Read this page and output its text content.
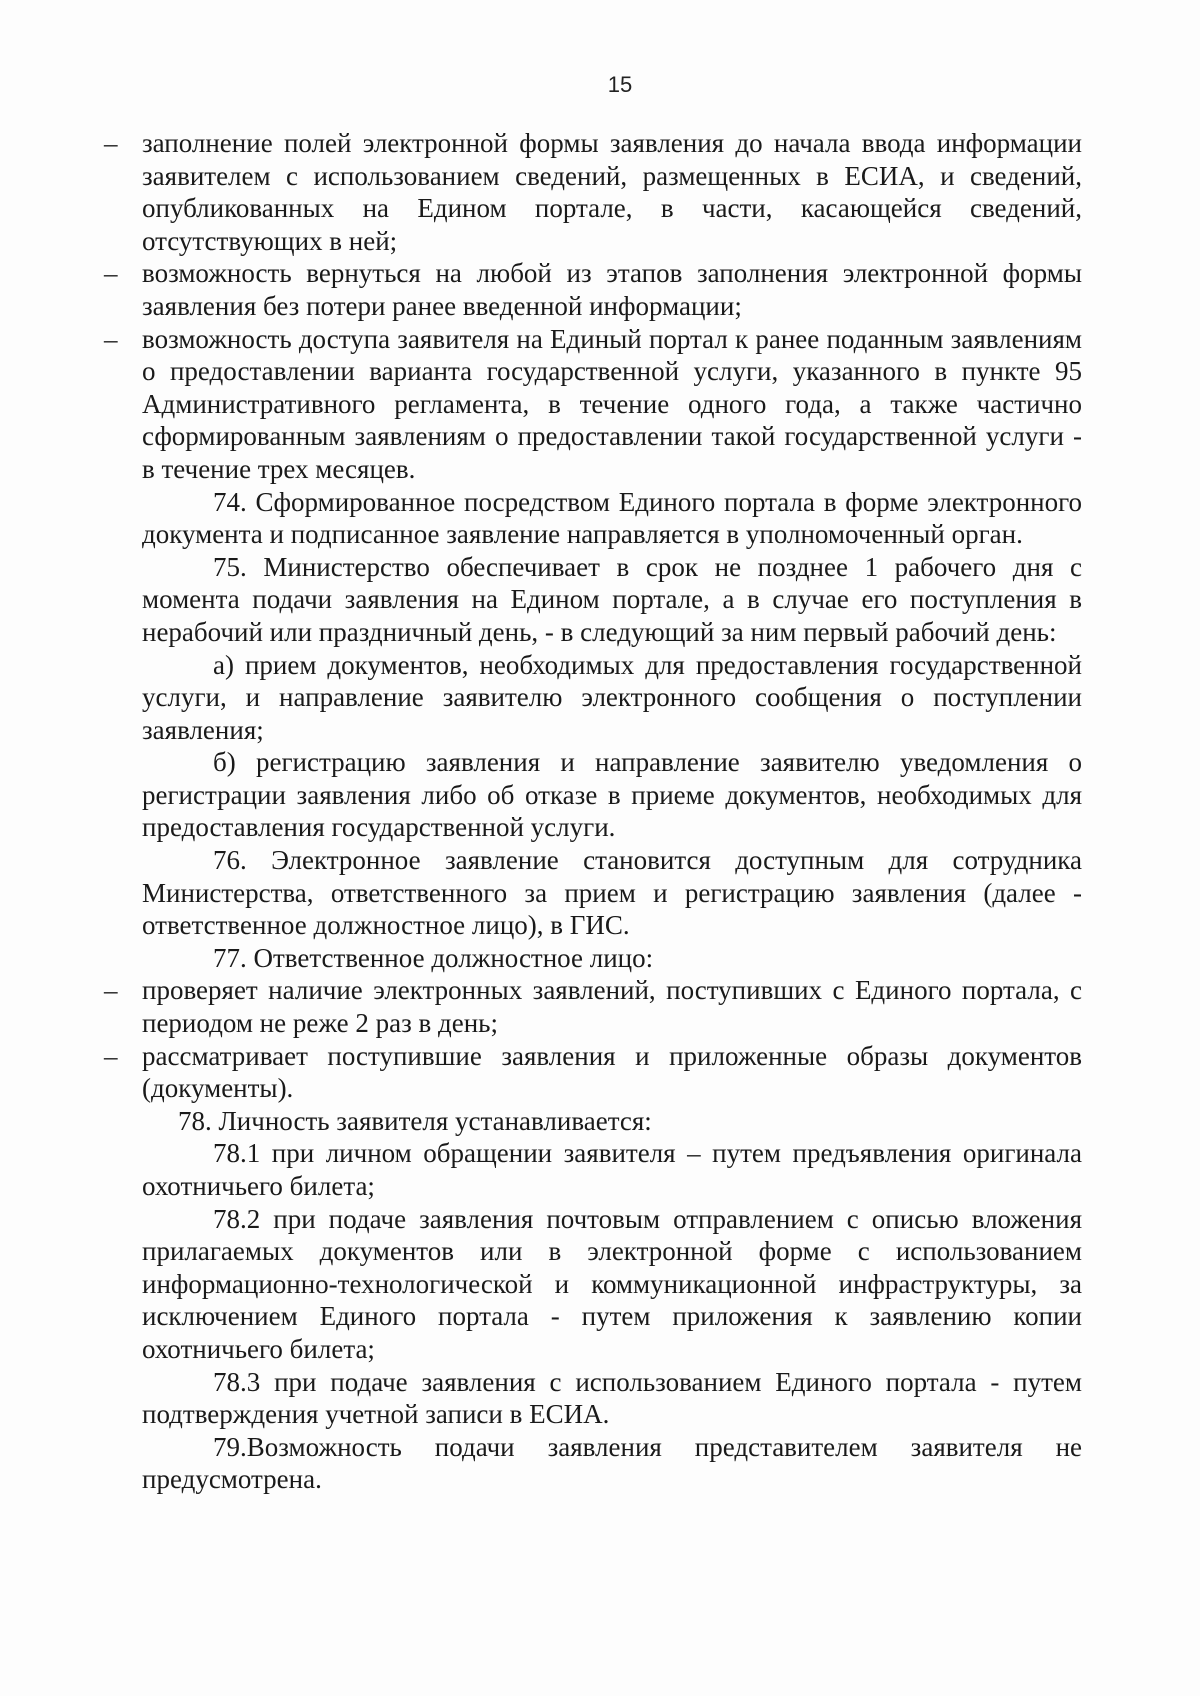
15

– заполнение полей электронной формы заявления до начала ввода информации заявителем с использованием сведений, размещенных в ЕСИА, и сведений, опубликованных на Едином портале, в части, касающейся сведений, отсутствующих в ней;

– возможность вернуться на любой из этапов заполнения электронной формы заявления без потери ранее введенной информации;

– возможность доступа заявителя на Единый портал к ранее поданным заявлениям о предоставлении варианта государственной услуги, указанного в пункте 95 Административного регламента, в течение одного года, а также частично сформированным заявлениям о предоставлении такой государственной услуги - в течение трех месяцев.

74. Сформированное посредством Единого портала в форме электронного документа и подписанное заявление направляется в уполномоченный орган.

75. Министерство обеспечивает в срок не позднее 1 рабочего дня с момента подачи заявления на Едином портале, а в случае его поступления в нерабочий или праздничный день, - в следующий за ним первый рабочий день:

а) прием документов, необходимых для предоставления государственной услуги, и направление заявителю электронного сообщения о поступлении заявления;

б) регистрацию заявления и направление заявителю уведомления о регистрации заявления либо об отказе в приеме документов, необходимых для предоставления государственной услуги.

76. Электронное заявление становится доступным для сотрудника Министерства, ответственного за прием и регистрацию заявления (далее - ответственное должностное лицо), в ГИС.

77. Ответственное должностное лицо:

– проверяет наличие электронных заявлений, поступивших с Единого портала, с периодом не реже 2 раз в день;

– рассматривает поступившие заявления и приложенные образы документов (документы).

78. Личность заявителя устанавливается:

78.1 при личном обращении заявителя – путем предъявления оригинала охотничьего билета;

78.2 при подаче заявления почтовым отправлением с описью вложения прилагаемых документов или в электронной форме с использованием информационно-технологической и коммуникационной инфраструктуры, за исключением Единого портала - путем приложения к заявлению копии охотничьего билета;

78.3 при подаче заявления с использованием Единого портала - путем подтверждения учетной записи в ЕСИА.

79.Возможность подачи заявления представителем заявителя не предусмотрена.
